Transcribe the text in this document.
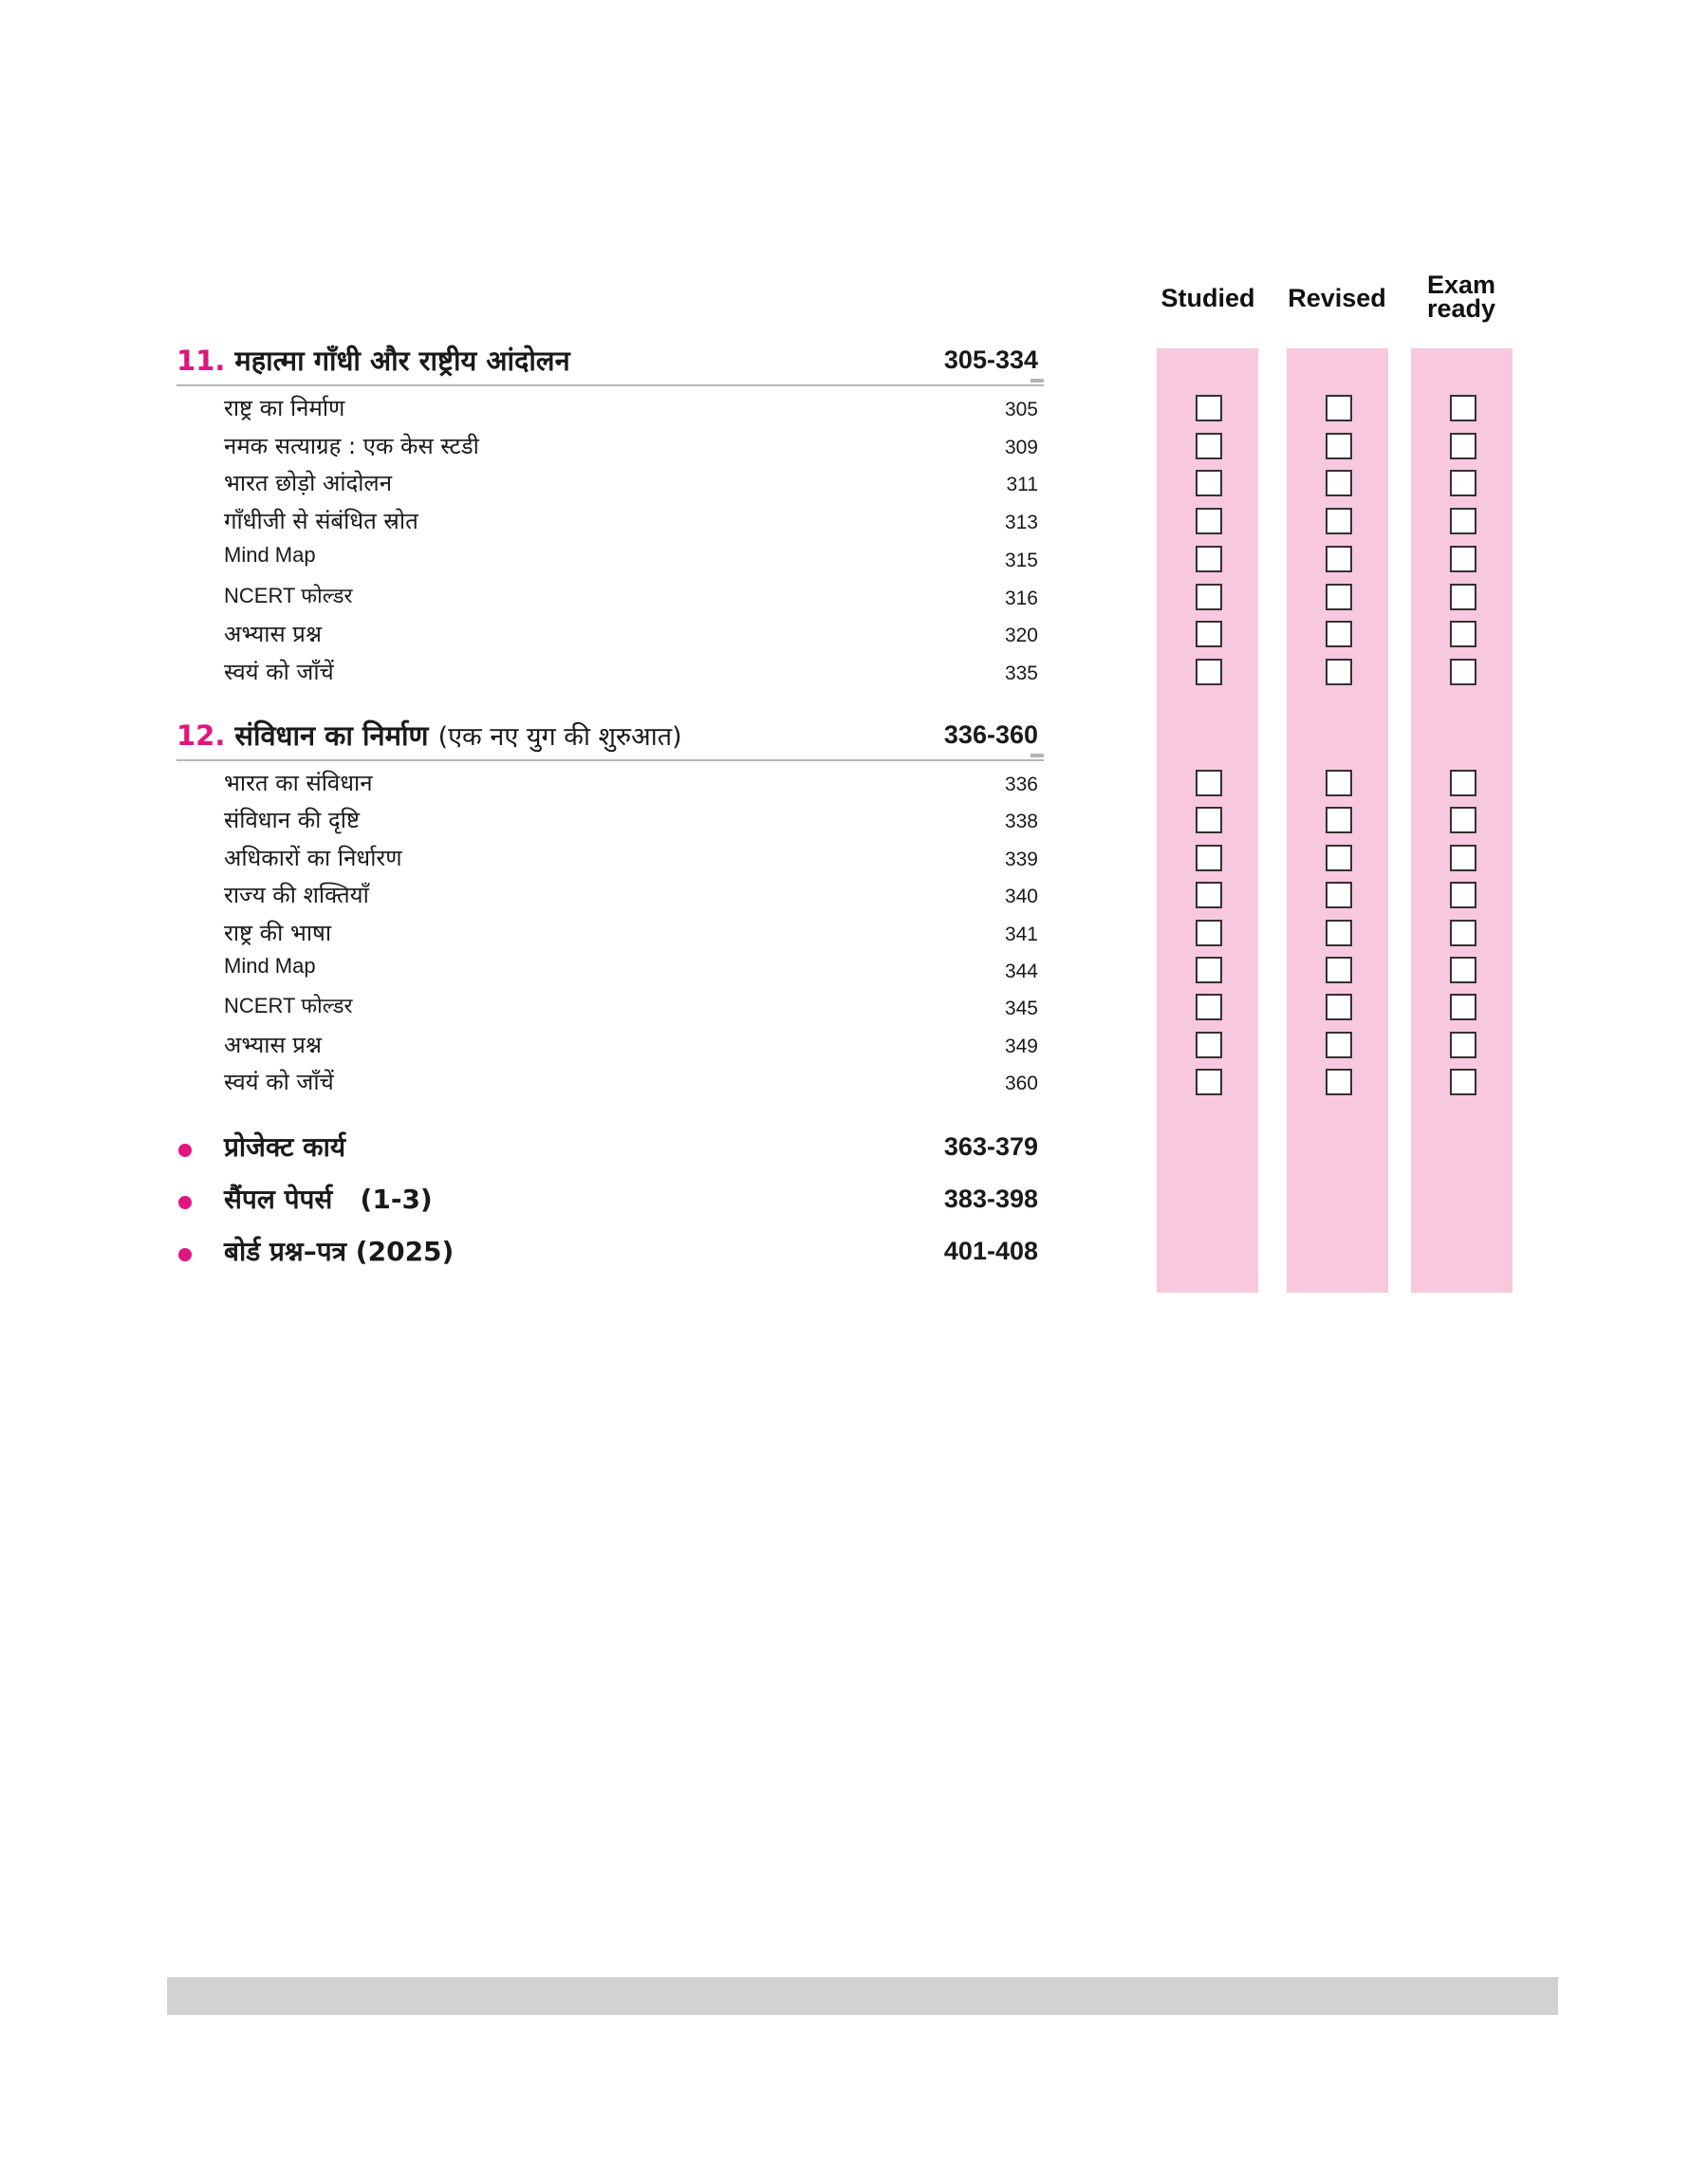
Studied Revised	Exam ready
11. महात्मा गाँधी और राष्ट्रीय आंदोलन	305-334
राष्ट्र का निर्माण	305
नमक सत्याग्रह : एक केस स्टडी	309
भारत छोड़ो आंदोलन	311
गाँधीजी से संबंधित स्रोत	313
Mind Map	315
NCERT फोल्डर	316
अभ्यास प्रश्न	320
स्वयं को जाँचें	335
12. संविधान का निर्माण (एक नए युग की शुरुआत)	336-360
भारत का संविधान	336
संविधान की दृष्टि	338
अधिकारों का निर्धारण	339
राज्य की शक्तियाँ	340
राष्ट्र की भाषा	341
Mind Map	344
NCERT फोल्डर	345
अभ्यास प्रश्न	349
स्वयं को जाँचें	360
प्रोजेक्ट कार्य	363-379
सैंपल पेपर्स   (1-3)	383-398
बोर्ड प्रश्न–पत्र (2025)	401-408
